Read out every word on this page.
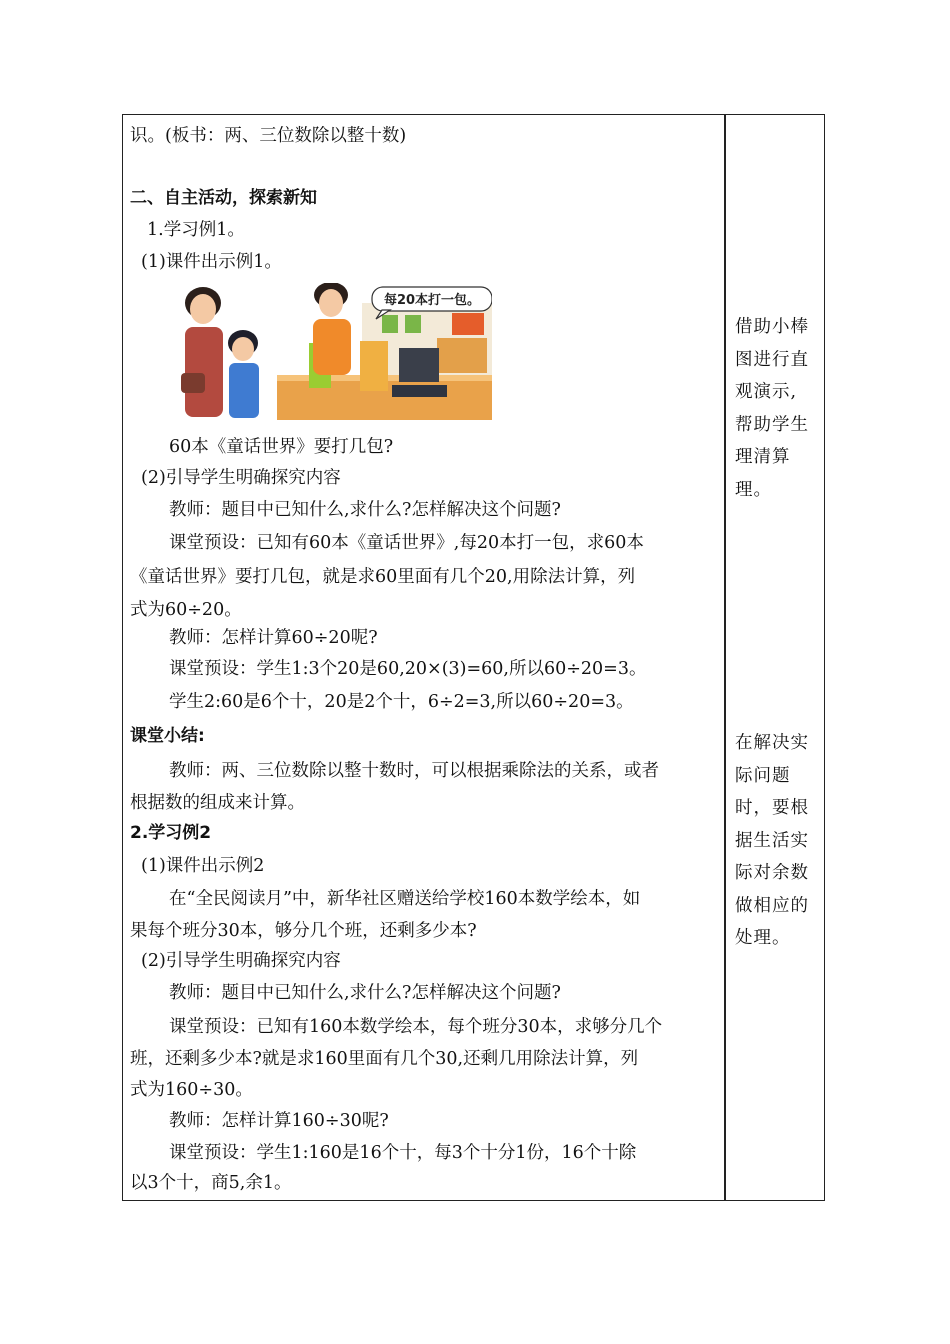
识。(板书：两、三位数除以整十数)
二、自主活动，探索新知
1.学习例1。
(1)课件出示例1。
每20本打一包。
60本《童话世界》要打几包?
(2)引导学生明确探究内容
教师：题目中已知什么,求什么?怎样解决这个问题?
课堂预设：已知有60本《童话世界》,每20本打一包，求60本
《童话世界》要打几包，就是求60里面有几个20,用除法计算，列
式为60÷20。
教师：怎样计算60÷20呢?
课堂预设：学生1:3个20是60,20×(3)=60,所以60÷20=3。
学生2:60是6个十，20是2个十，6÷2=3,所以60÷20=3。
课堂小结:
教师：两、三位数除以整十数时，可以根据乘除法的关系，或者
根据数的组成来计算。
2.学习例2
(1)课件出示例2
在“全民阅读月”中，新华社区赠送给学校160本数学绘本，如
果每个班分30本，够分几个班，还剩多少本?
(2)引导学生明确探究内容
教师：题目中已知什么,求什么?怎样解决这个问题?
课堂预设：已知有160本数学绘本，每个班分30本，求够分几个
班，还剩多少本?就是求160里面有几个30,还剩几用除法计算，列
式为160÷30。
教师：怎样计算160÷30呢?
课堂预设：学生1:160是16个十，每3个十分1份，16个十除
以3个十，商5,余1。
借助小棒
图进行直
观演示,
帮助学生
理清算
理。
在解决实
际问题
时，要根
据生活实
际对余数
做相应的
处理。
